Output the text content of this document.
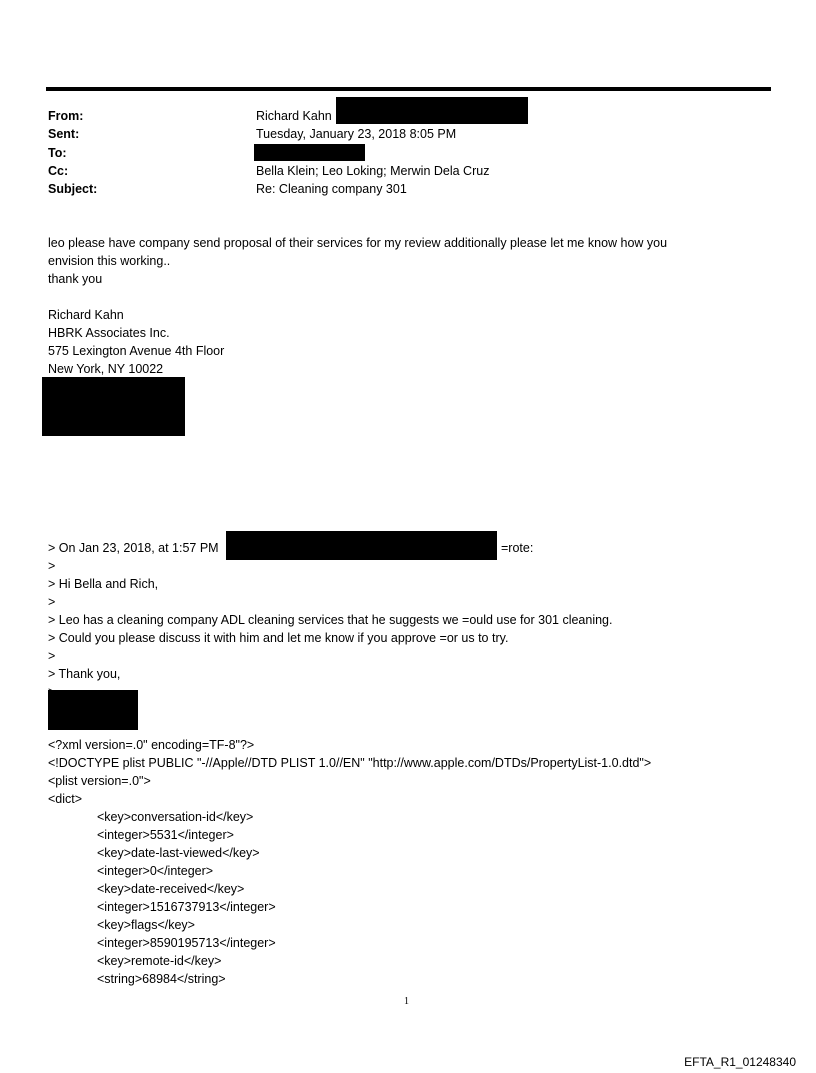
From:	Richard Kahn
Sent:	Tuesday, January 23, 2018 8:05 PM
To:
Cc:	Bella Klein; Leo Loking; Merwin Dela Cruz
Subject:	Re: Cleaning company 301
leo please have company send proposal of their services for my review additionally please let me know how you
envision this working..
thank you
Richard Kahn
HBRK Associates Inc.
575 Lexington Avenue 4th Floor
New York, NY 10022
> On Jan 23, 2018, at 1:57 PM	=rote:
>
> Hi Bella and Rich,
>
> Leo has a cleaning company ADL cleaning services that he suggests we =ould use for 301 cleaning.
> Could you please discuss it with him and let me know if you approve =or us to try.
>
> Thank you,
<?xml version=.0" encoding=TF-8"?>
<!DOCTYPE plist PUBLIC "-//Apple//DTD PLIST 1.0//EN" "http://www.apple.com/DTDs/PropertyList-1.0.dtd">
<plist version=.0">
<dict>
<key>conversation-id</key>
<integer>5531</integer>
<key>date-last-viewed</key>
<integer>0</integer>
<key>date-received</key>
<integer>1516737913</integer>
<key>flags</key>
<integer>8590195713</integer>
<key>remote-id</key>
<string>68984</string>
1
EFTA_R1_01248340
